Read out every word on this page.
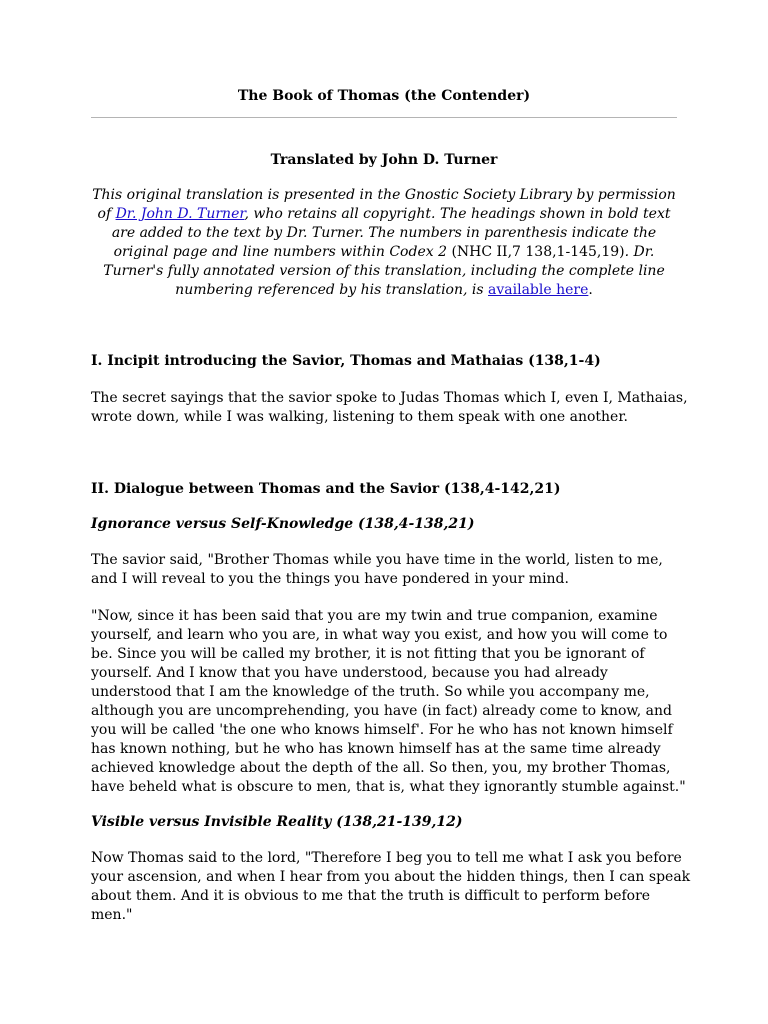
The Book of Thomas (the Contender)
Translated by John D. Turner
This original translation is presented in the Gnostic Society Library by permission
of Dr. John D. Turner, who retains all copyright. The headings shown in bold text
are added to the text by Dr. Turner. The numbers in parenthesis indicate the
original page and line numbers within Codex 2 (NHC II,7 138,1-145,19). Dr.
Turner's fully annotated version of this translation, including the complete line
numbering referenced by his translation, is available here.
I. Incipit introducing the Savior, Thomas and Mathaias (138,1-4)
The secret sayings that the savior spoke to Judas Thomas which I, even I, Mathaias,
wrote down, while I was walking, listening to them speak with one another.
II. Dialogue between Thomas and the Savior (138,4-142,21)
Ignorance versus Self-Knowledge (138,4-138,21)
The savior said, "Brother Thomas while you have time in the world, listen to me,
and I will reveal to you the things you have pondered in your mind.
"Now, since it has been said that you are my twin and true companion, examine
yourself, and learn who you are, in what way you exist, and how you will come to
be. Since you will be called my brother, it is not fitting that you be ignorant of
yourself. And I know that you have understood, because you had already
understood that I am the knowledge of the truth. So while you accompany me,
although you are uncomprehending, you have (in fact) already come to know, and
you will be called 'the one who knows himself'. For he who has not known himself
has known nothing, but he who has known himself has at the same time already
achieved knowledge about the depth of the all. So then, you, my brother Thomas,
have beheld what is obscure to men, that is, what they ignorantly stumble against."
Visible versus Invisible Reality (138,21-139,12)
Now Thomas said to the lord, "Therefore I beg you to tell me what I ask you before
your ascension, and when I hear from you about the hidden things, then I can speak
about them. And it is obvious to me that the truth is difficult to perform before
men."
